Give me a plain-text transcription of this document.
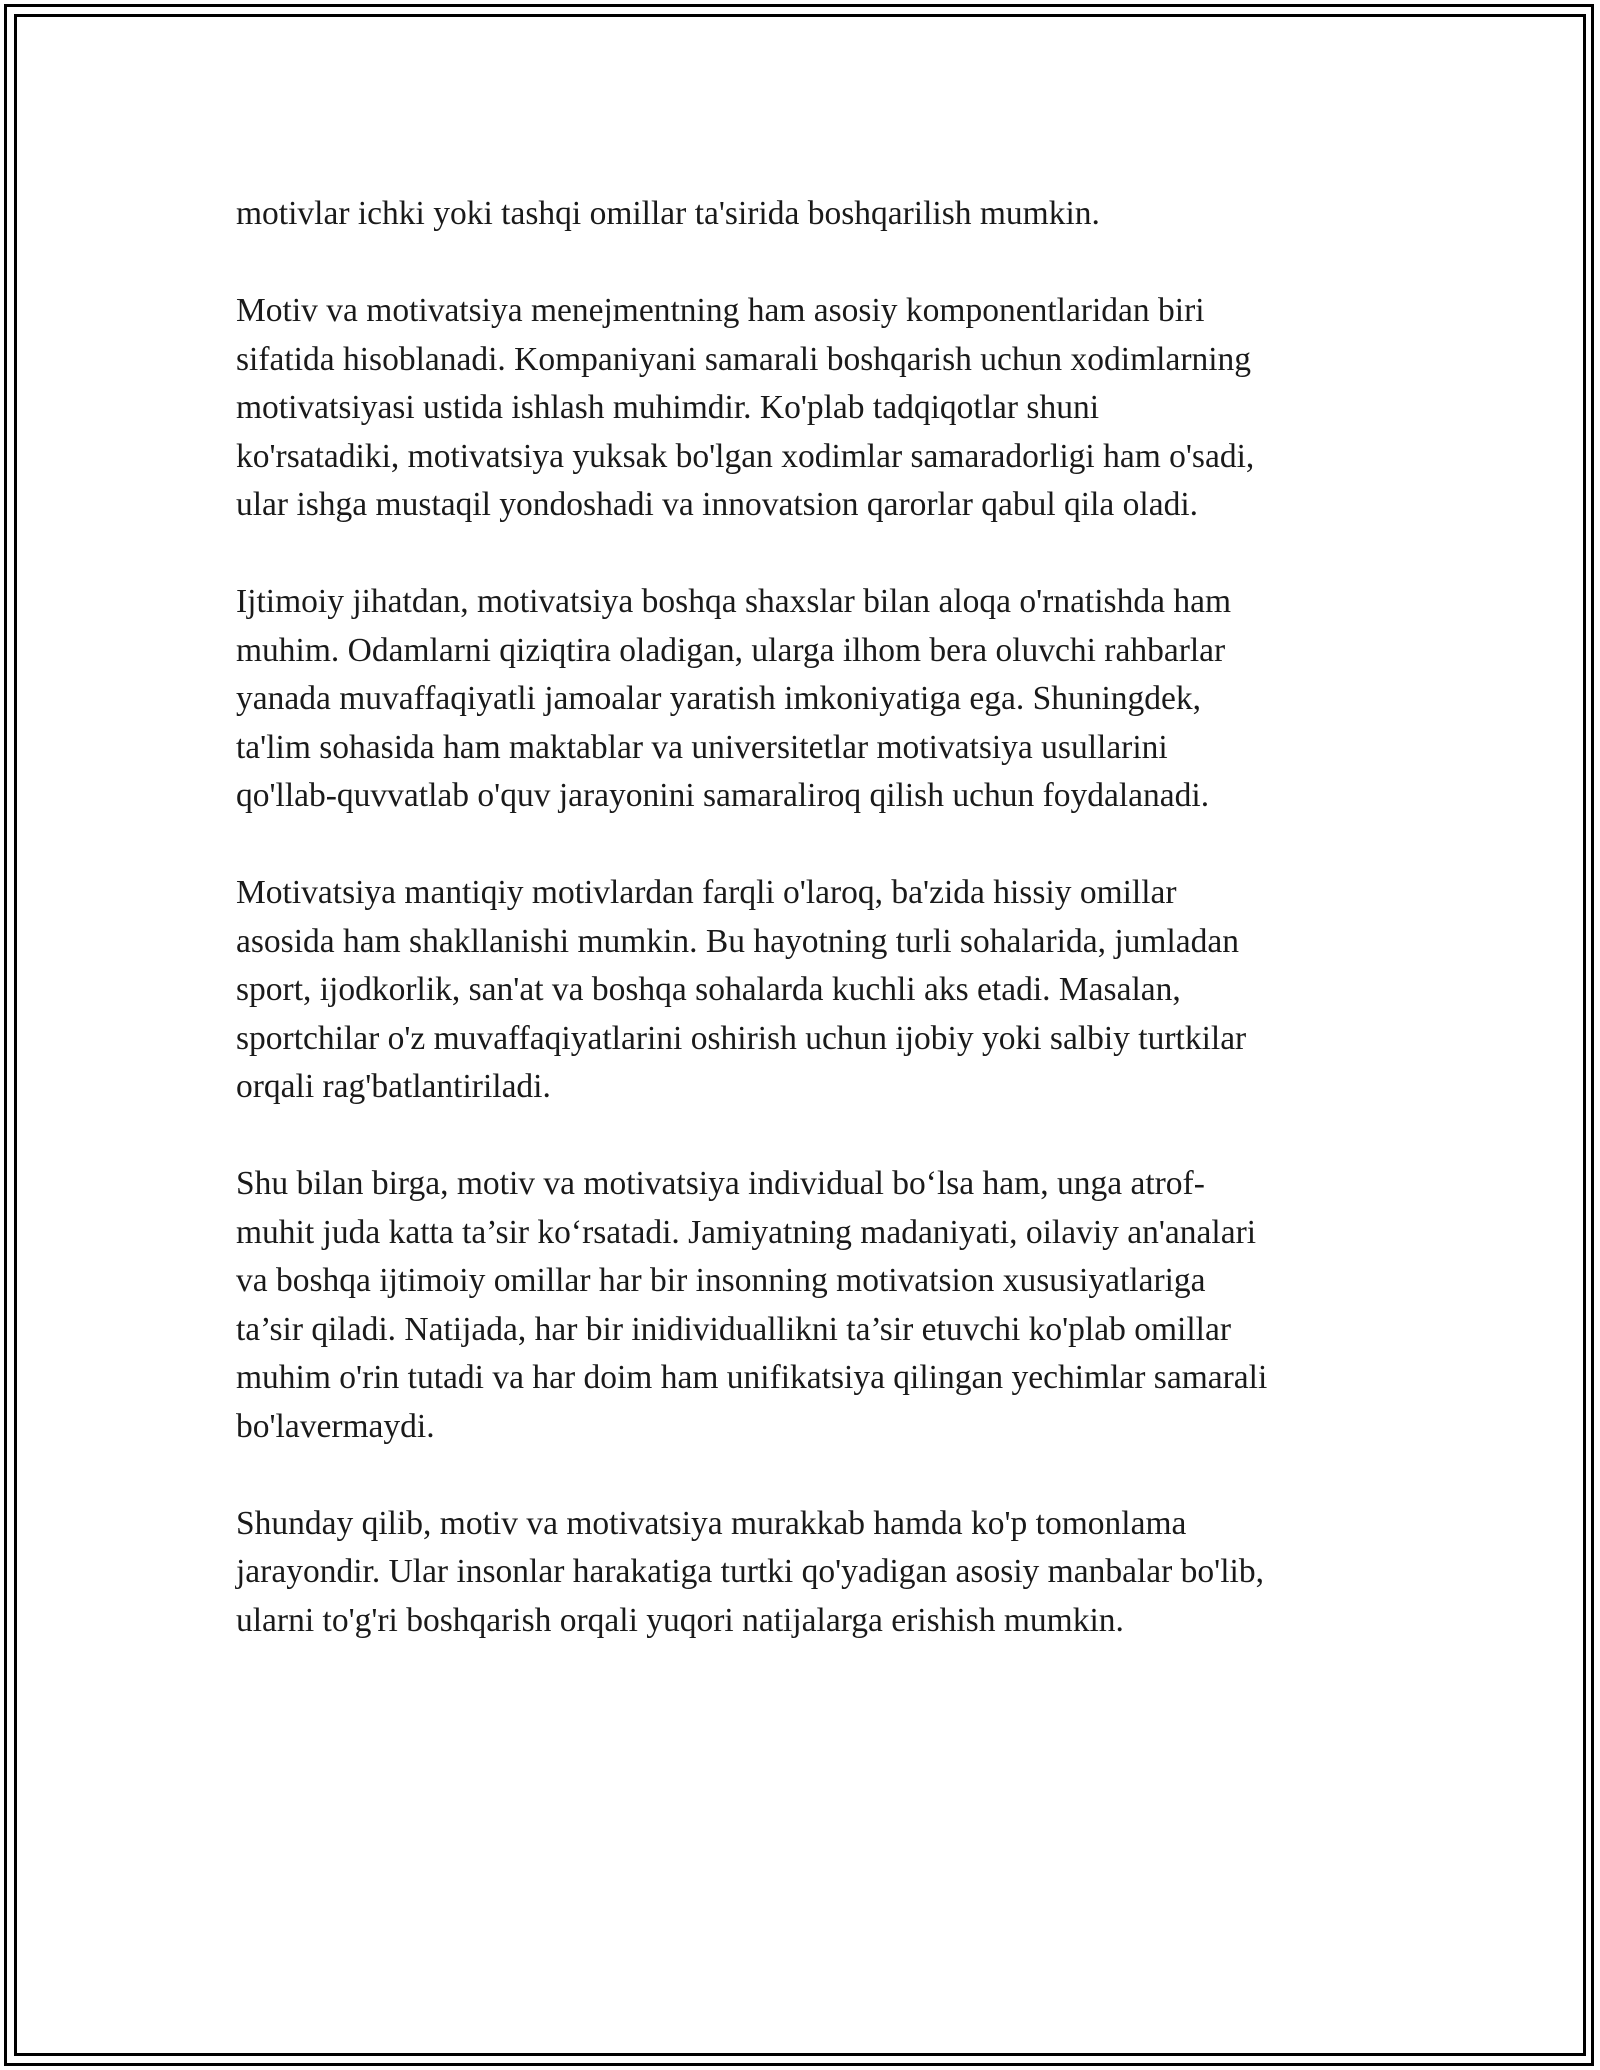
motivlar ichki yoki tashqi omillar ta'sirida boshqarilish mumkin.

Motiv va motivatsiya menejmentning ham asosiy komponentlaridan biri
sifatida hisoblanadi. Kompaniyani samarali boshqarish uchun xodimlarning
motivatsiyasi ustida ishlash muhimdir. Ko'plab tadqiqotlar shuni
ko'rsatadiki, motivatsiya yuksak bo'lgan xodimlar samaradorligi ham o'sadi,
ular ishga mustaqil yondoshadi va innovatsion qarorlar qabul qila oladi.

Ijtimoiy jihatdan, motivatsiya boshqa shaxslar bilan aloqa o'rnatishda ham
muhim. Odamlarni qiziqtira oladigan, ularga ilhom bera oluvchi rahbarlar
yanada muvaffaqiyatli jamoalar yaratish imkoniyatiga ega. Shuningdek,
ta'lim sohasida ham maktablar va universitetlar motivatsiya usullarini
qo'llab-quvvatlab o'quv jarayonini samaraliroq qilish uchun foydalanadi.

Motivatsiya mantiqiy motivlardan farqli o'laroq, ba'zida hissiy omillar
asosida ham shakllanishi mumkin. Bu hayotning turli sohalarida, jumladan
sport, ijodkorlik, san'at va boshqa sohalarda kuchli aks etadi. Masalan,
sportchilar o'z muvaffaqiyatlarini oshirish uchun ijobiy yoki salbiy turtkilar
orqali rag'batlantiriladi.

Shu bilan birga, motiv va motivatsiya individual bo‘lsa ham, unga atrof-
muhit juda katta ta’sir ko‘rsatadi. Jamiyatning madaniyati, oilaviy an'analari
va boshqa ijtimoiy omillar har bir insonning motivatsion xususiyatlariga
ta’sir qiladi. Natijada, har bir inidividuallikni ta’sir etuvchi ko'plab omillar
muhim o'rin tutadi va har doim ham unifikatsiya qilingan yechimlar samarali
bo'lavermaydi.

Shunday qilib, motiv va motivatsiya murakkab hamda ko'p tomonlama
jarayondir. Ular insonlar harakatiga turtki qo'yadigan asosiy manbalar bo'lib,
ularni to'g'ri boshqarish orqali yuqori natijalarga erishish mumkin.
